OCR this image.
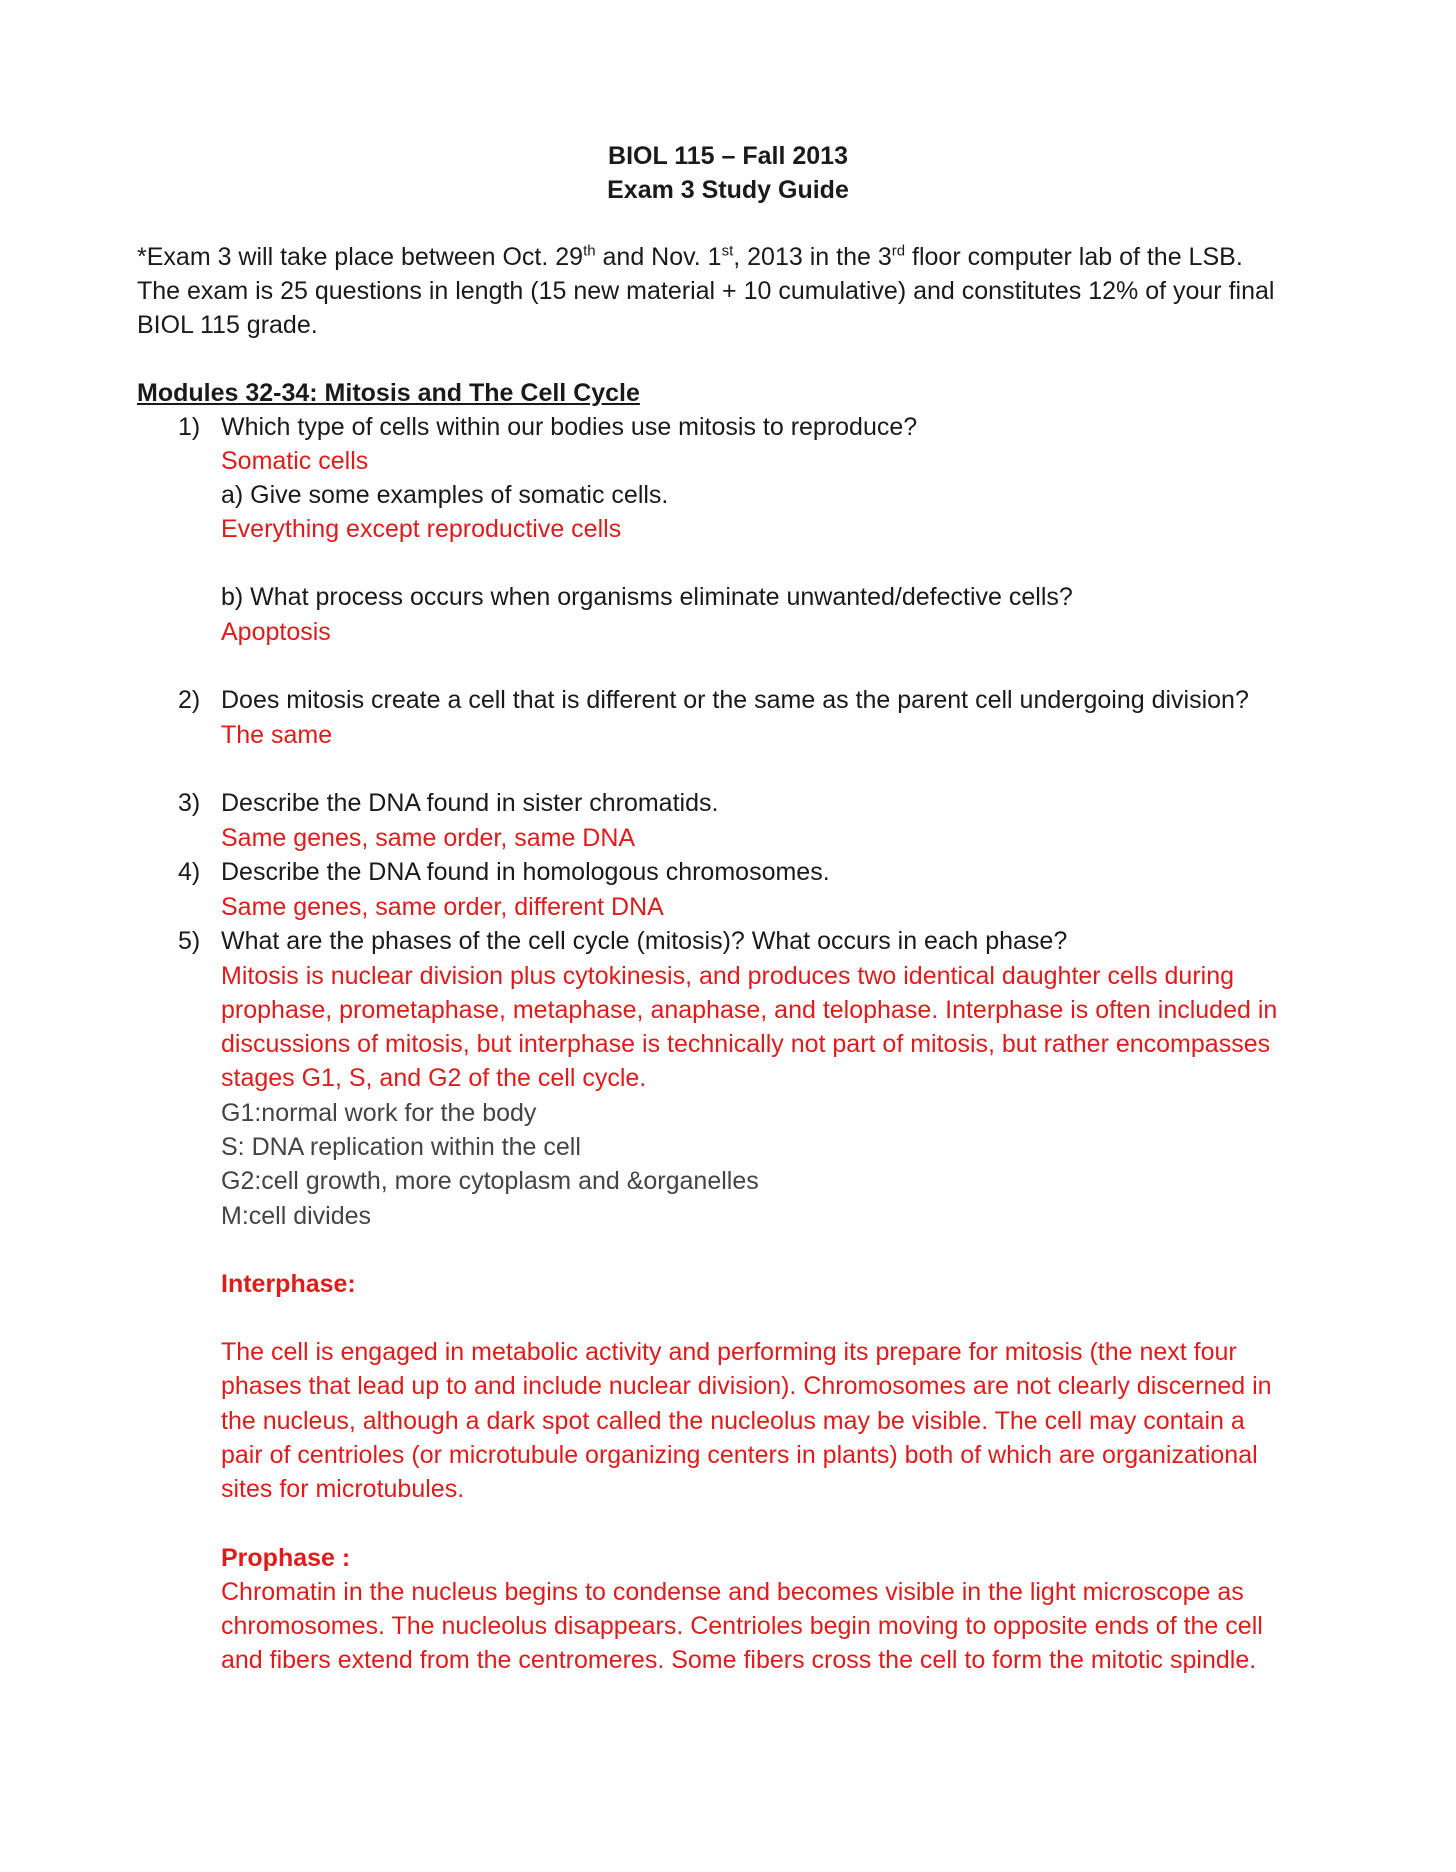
BIOL 115 – Fall 2013
Exam 3 Study Guide
*Exam 3 will take place between Oct. 29th and Nov. 1st, 2013 in the 3rd floor computer lab of the LSB.
The exam is 25 questions in length (15 new material + 10 cumulative) and constitutes 12% of your final
BIOL 115 grade.
Modules 32-34: Mitosis and The Cell Cycle
1) Which type of cells within our bodies use mitosis to reproduce?
Somatic cells
a) Give some examples of somatic cells.
Everything except reproductive cells
b) What process occurs when organisms eliminate unwanted/defective cells?
Apoptosis
2) Does mitosis create a cell that is different or the same as the parent cell undergoing division?
The same
3) Describe the DNA found in sister chromatids.
Same genes, same order, same DNA
4) Describe the DNA found in homologous chromosomes.
Same genes, same order, different DNA
5) What are the phases of the cell cycle (mitosis)? What occurs in each phase?
Mitosis is nuclear division plus cytokinesis, and produces two identical daughter cells during
prophase, prometaphase, metaphase, anaphase, and telophase. Interphase is often included in
discussions of mitosis, but interphase is technically not part of mitosis, but rather encompasses
stages G1, S, and G2 of the cell cycle.
G1:normal work for the body
S: DNA replication within the cell
G2:cell growth, more cytoplasm and &organelles
M:cell divides
Interphase:
The cell is engaged in metabolic activity and performing its prepare for mitosis (the next four
phases that lead up to and include nuclear division). Chromosomes are not clearly discerned in
the nucleus, although a dark spot called the nucleolus may be visible. The cell may contain a
pair of centrioles (or microtubule organizing centers in plants) both of which are organizational
sites for microtubules.
Prophase :
Chromatin in the nucleus begins to condense and becomes visible in the light microscope as
chromosomes. The nucleolus disappears. Centrioles begin moving to opposite ends of the cell
and fibers extend from the centromeres. Some fibers cross the cell to form the mitotic spindle.
